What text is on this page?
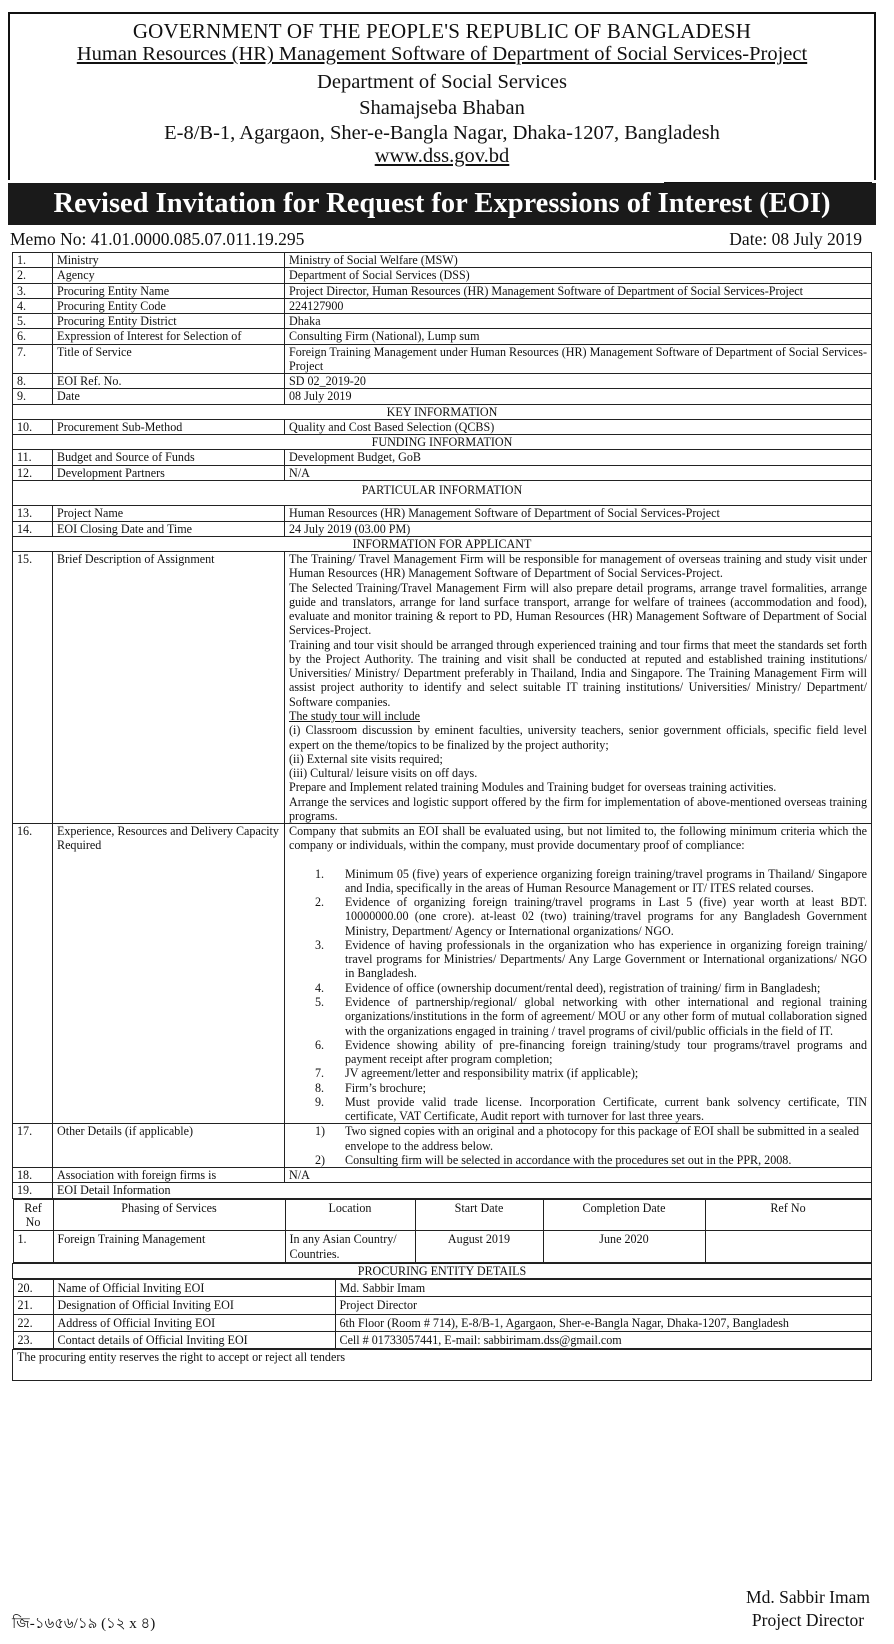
GOVERNMENT OF THE PEOPLE'S REPUBLIC OF BANGLADESH
Human Resources (HR) Management Software of Department of Social Services-Project
Department of Social Services
Shamajseba Bhaban
E-8/B-1, Agargaon, Sher-e-Bangla Nagar, Dhaka-1207, Bangladesh
www.dss.gov.bd
Revised Invitation for Request for Expressions of Interest (EOI)
Memo No: 41.01.0000.085.07.011.19.295	Date: 08 July 2019
1.	Ministry	Ministry of Social Welfare (MSW)
2.	Agency	Department of Social Services (DSS)
3.	Procuring Entity Name	Project Director, Human Resources (HR) Management Software of Department of Social Services-Project
4.	Procuring Entity Code	224127900
5.	Procuring Entity District	Dhaka
6.	Expression of Interest for Selection of	Consulting Firm (National), Lump sum
7.	Title of Service	Foreign Training Management under Human Resources (HR) Management Software of Department of Social Services-Project
8.	EOI Ref. No.	SD 02_2019-20
9.	Date	08 July 2019
KEY INFORMATION
10.	Procurement Sub-Method	Quality and Cost Based Selection (QCBS)
FUNDING INFORMATION
11.	Budget and Source of Funds	Development Budget, GoB
12.	Development Partners	N/A
PARTICULAR INFORMATION
13.	Project Name	Human Resources (HR) Management Software of Department of Social Services-Project
14.	EOI Closing Date and Time	24 July 2019 (03.00 PM)
INFORMATION FOR APPLICANT
15.	Brief Description of Assignment	The Training/ Travel Management Firm will be responsible for management of overseas training and study visit under Human Resources (HR) Management Software of Department of Social Services-Project.
The Selected Training/Travel Management Firm will also prepare detail programs, arrange travel formalities, arrange guide and translators, arrange for land surface transport, arrange for welfare of trainees (accommodation and food), evaluate and monitor training & report to PD, Human Resources (HR) Management Software of Department of Social Services-Project.
Training and tour visit should be arranged through experienced training and tour firms that meet the standards set forth by the Project Authority. The training and visit shall be conducted at reputed and established training institutions/ Universities/ Ministry/ Department preferably in Thailand, India and Singapore. The Training Management Firm will assist project authority to identify and select suitable IT training institutions/ Universities/ Ministry/ Department/ Software companies.
The study tour will include
(i) Classroom discussion by eminent faculties, university teachers, senior government officials, specific field level expert on the theme/topics to be finalized by the project authority;
(ii) External site visits required;
(iii) Cultural/ leisure visits on off days.
Prepare and Implement related training Modules and Training budget for overseas training activities.
Arrange the services and logistic support offered by the firm for implementation of above-mentioned overseas training programs.

16.	Experience, Resources and Delivery Capacity Required	
Company that submits an EOI shall be evaluated using, but not limited to, the following minimum criteria which the company or individuals, within the company, must provide documentary proof of compliance:
1.	Minimum 05 (five) years of experience organizing foreign training/travel programs in Thailand/ Singapore and India, specifically in the areas of Human Resource Management or IT/ ITES related courses.
2.	Evidence of organizing foreign training/travel programs in Last 5 (five) year worth at least BDT. 10000000.00 (one crore). at-least 02 (two) training/travel programs for any Bangladesh Government Ministry, Department/ Agency or International organizations/ NGO.
3.	Evidence of having professionals in the organization who has experience in organizing foreign training/ travel programs for Ministries/ Departments/ Any Large Government or International organizations/ NGO in Bangladesh.
4.	Evidence of office (ownership document/rental deed), registration of training/ firm in Bangladesh;
5.	Evidence of partnership/regional/ global networking with other international and regional training organizations/institutions in the form of agreement/ MOU or any other form of mutual collaboration signed with the organizations engaged in training / travel programs of civil/public officials in the field of IT.
6.	Evidence showing ability of pre-financing foreign training/study tour programs/travel programs and payment receipt after program completion;
7.	JV agreement/letter and responsibility matrix (if applicable);
8.	Firm’s brochure;
9.	Must provide valid trade license. Incorporation Certificate, current bank solvency certificate, TIN certificate, VAT Certificate, Audit report with turnover for last three years.

17.	Other Details (if applicable)	1)	Two signed copies with an original and a photocopy for this package of EOI shall be submitted in a sealed envelope to the address below.
2)	Consulting firm will be selected in accordance with the procedures set out in the PPR, 2008.

18.	Association with foreign firms is	N/A
19.	EOI Detail Information

Ref No	Phasing of Services	Location	Start Date	Completion Date	Ref No
1.	Foreign Training Management	In any Asian Country/ Countries.	August 2019	June 2020	

PROCURING ENTITY DETAILS

20.	Name of Official Inviting EOI	Md. Sabbir Imam
21.	Designation of Official Inviting EOI	Project Director
22.	Address of Official Inviting EOI	6th Floor (Room # 714), E-8/B-1, Agargaon, Sher-e-Bangla Nagar, Dhaka-1207, Bangladesh
23.	Contact details of Official Inviting EOI	Cell # 01733057441, E-mail: sabbirimam.dss@gmail.com

The procuring entity reserves the right to accept or reject all tenders
জি-১৬৫৬/১৯ (১২ x ৪)
Md. Sabbir Imam
Project Director
